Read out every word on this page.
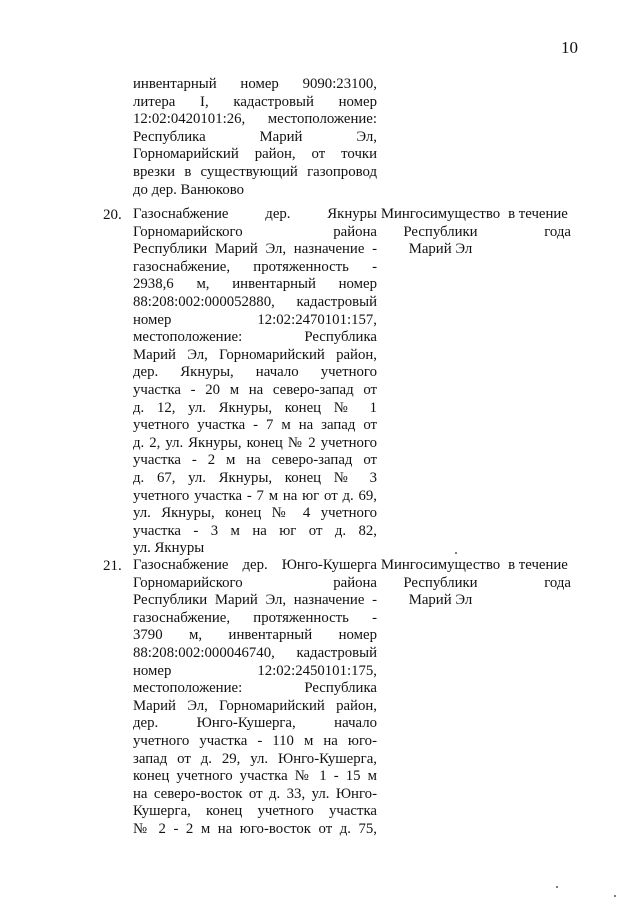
10
инвентарный номер 9090:23100,
литера I, кадастровый номер
12:02:0420101:26, местоположение:
Республика Марий Эл,
Горномарийский район, от точки
врезки в существующий газопровод
до дер. Ванюково
20. Газоснабжение дер. Якнуры
Горномарийского района
Республики Марий Эл, назначение -
газоснабжение, протяженность -
2938,6 м, инвентарный номер
88:208:002:000052880, кадастровый
номер 12:02:2470101:157,
местоположение: Республика
Марий Эл, Горномарийский район,
дер. Якнуры, начало учетного
участка - 20 м на северо-запад от
д. 12, ул. Якнуры, конец № 1
учетного участка - 7 м на запад от
д. 2, ул. Якнуры, конец № 2 учетного
участка - 2 м на северо-запад от
д. 67, ул. Якнуры, конец № 3
учетного участка - 7 м на юг от д. 69,
ул. Якнуры, конец № 4 учетного
участка - 3 м на юг от д. 82,
ул. Якнуры
Мингосимущество
Республики
Марий Эл
в течение
года
21. Газоснабжение дер. Юнго-Кушерга
Горномарийского района
Республики Марий Эл, назначение -
газоснабжение, протяженность -
3790 м, инвентарный номер
88:208:002:000046740, кадастровый
номер 12:02:2450101:175,
местоположение: Республика
Марий Эл, Горномарийский район,
дер. Юнго-Кушерга, начало
учетного участка - 110 м на юго-
запад от д. 29, ул. Юнго-Кушерга,
конец учетного участка № 1 - 15 м
на северо-восток от д. 33, ул. Юнго-
Кушерга, конец учетного участка
№ 2 - 2 м на юго-восток от д. 75,
Мингосимущество
Республики
Марий Эл
в течение
года
